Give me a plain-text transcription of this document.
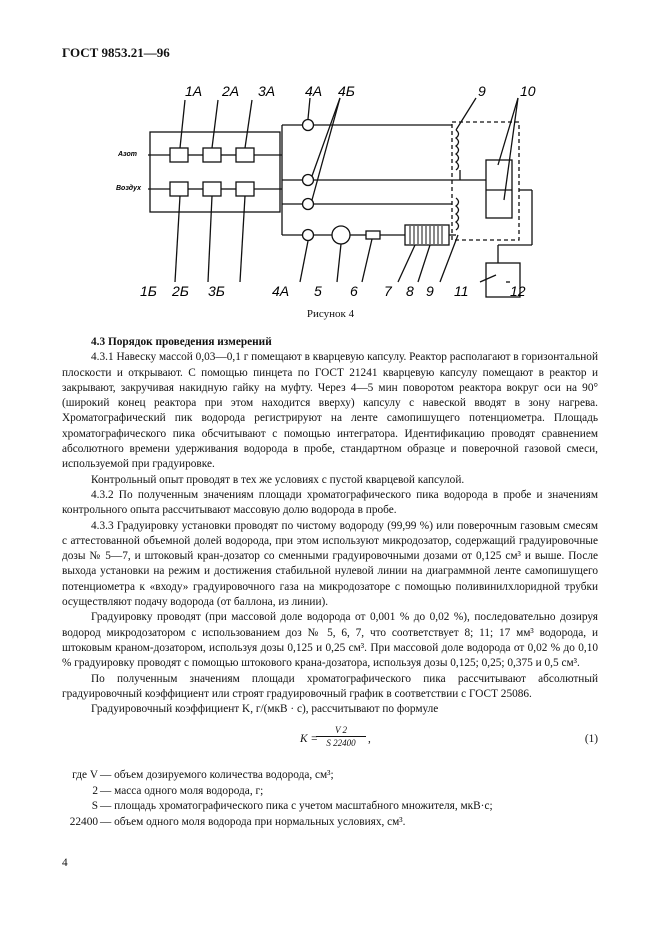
ГОСТ 9853.21—96
1A 2A 3A 4A 4Б	9 10
Азот
Воздух
1Б 2Б 3Б	4A 5 6 7 8 9 11	12
Рисунок 4

4.3 Порядок проведения измерений

4.3.1 Навеску массой 0,03—0,1 г помещают в кварцевую капсулу. Реактор располагают в горизонтальной плоскости и открывают. С помощью пинцета по ГОСТ 21241 кварцевую капсулу помещают в реактор и закрывают, закручивая накидную гайку на муфту. Через 4—5 мин поворотом реактора вокруг оси на 90° (широкий конец реактора при этом находится вверху) капсулу с навеской вводят в зону нагрева. Хроматографический пик водорода регистрируют на ленте самопишущего потенциометра. Площадь хроматографического пика обсчитывают с помощью интегратора. Идентификацию проводят сравнением абсолютного времени удерживания водорода в пробе, стандартном образце и поверочной газовой смеси, используемой при градуировке.

Контрольный опыт проводят в тех же условиях с пустой кварцевой капсулой.

4.3.2 По полученным значениям площади хроматографического пика водорода в пробе и значениям контрольного опыта рассчитывают массовую долю водорода в пробе.

4.3.3 Градуировку установки проводят по чистому водороду (99,99 %) или поверочным газовым смесям с аттестованной объемной долей водорода, при этом используют микродозатор, содержащий градуировочные дозы № 5—7, и штоковый кран-дозатор со сменными градуировочными дозами от 0,125 см³ и выше. После выхода установки на режим и достижения стабильной нулевой линии на диаграммной ленте самопишущего потенциометра к «входу» градуировочного газа на микродозаторе с помощью поливинилхлоридной трубки осуществляют подачу водорода (от баллона, из линии).

Градуировку проводят (при массовой доле водорода от 0,001 % до 0,02 %), последовательно дозируя водород микродозатором с использованием доз № 5, 6, 7, что соответствует 8; 11; 17 мм³ водорода, и штоковым краном-дозатором, используя дозы 0,125 и 0,25 см³. При массовой доле водорода от 0,02 % до 0,10 % градуировку проводят с помощью штокового крана-дозатора, используя дозы 0,125; 0,25; 0,375 и 0,5 см³.

По полученным значениям площади хроматографического пика рассчитывают абсолютный градуировочный коэффициент или строят градуировочный график в соответствии с ГОСТ 25086.

Градуировочный коэффициент K, г/(мкВ · с), рассчитывают по формуле

K =
$\frac{V 2}{S 22400}$ ,	(1)
где V — объем дозируемого количества водорода, см³;
2 — масса одного моля водорода, г;
S — площадь хроматографического пика с учетом масштабного множителя, мкВ·с;
22400 — объем одного моля водорода при нормальных условиях, см³.
4
